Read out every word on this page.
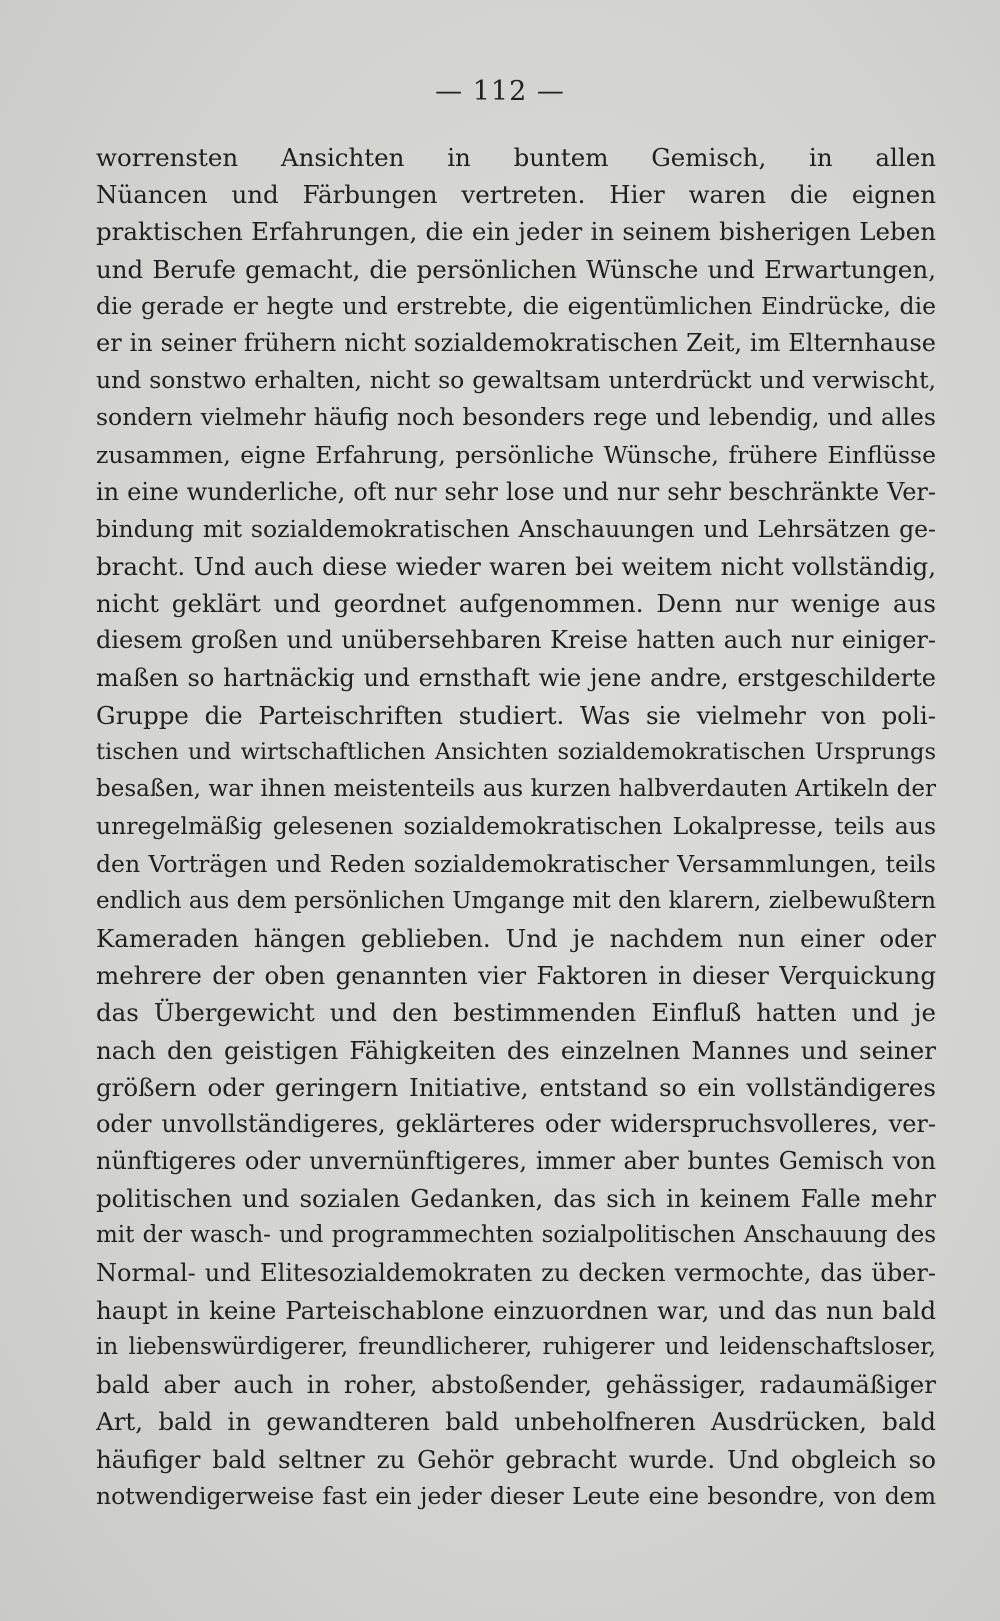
— 112 —
worrensten Ansichten in buntem Gemisch, in allen
Nüancen und Färbungen vertreten. Hier waren die eignen
praktischen Erfahrungen, die ein jeder in seinem bisherigen Leben
und Berufe gemacht, die persönlichen Wünsche und Erwartungen,
die gerade er hegte und erstrebte, die eigentümlichen Eindrücke, die
er in seiner frühern nicht sozialdemokratischen Zeit, im Elternhause
und sonstwo erhalten, nicht so gewaltsam unterdrückt und verwischt,
sondern vielmehr häufig noch besonders rege und lebendig, und alles
zusammen, eigne Erfahrung, persönliche Wünsche, frühere Einflüsse
in eine wunderliche, oft nur sehr lose und nur sehr beschränkte Ver-
bindung mit sozialdemokratischen Anschauungen und Lehrsätzen ge-
bracht. Und auch diese wieder waren bei weitem nicht vollständig,
nicht geklärt und geordnet aufgenommen. Denn nur wenige aus
diesem großen und unübersehbaren Kreise hatten auch nur einiger-
maßen so hartnäckig und ernsthaft wie jene andre, erstgeschilderte
Gruppe die Parteischriften studiert. Was sie vielmehr von poli-
tischen und wirtschaftlichen Ansichten sozialdemokratischen Ursprungs
besaßen, war ihnen meistenteils aus kurzen halbverdauten Artikeln der
unregelmäßig gelesenen sozialdemokratischen Lokalpresse, teils aus
den Vorträgen und Reden sozialdemokratischer Versammlungen, teils
endlich aus dem persönlichen Umgange mit den klarern, zielbewußtern
Kameraden hängen geblieben. Und je nachdem nun einer oder
mehrere der oben genannten vier Faktoren in dieser Verquickung
das Übergewicht und den bestimmenden Einfluß hatten und je
nach den geistigen Fähigkeiten des einzelnen Mannes und seiner
größern oder geringern Initiative, entstand so ein vollständigeres
oder unvollständigeres, geklärteres oder widerspruchsvolleres, ver-
nünftigeres oder unvernünftigeres, immer aber buntes Gemisch von
politischen und sozialen Gedanken, das sich in keinem Falle mehr
mit der wasch- und programmechten sozialpolitischen Anschauung des
Normal- und Elitesozialdemokraten zu decken vermochte, das über-
haupt in keine Parteischablone einzuordnen war, und das nun bald
in liebenswürdigerer, freundlicherer, ruhigerer und leidenschaftsloser,
bald aber auch in roher, abstoßender, gehässiger, radaumäßiger
Art, bald in gewandteren bald unbeholfneren Ausdrücken, bald
häufiger bald seltner zu Gehör gebracht wurde. Und obgleich so
notwendigerweise fast ein jeder dieser Leute eine besondre, von dem
